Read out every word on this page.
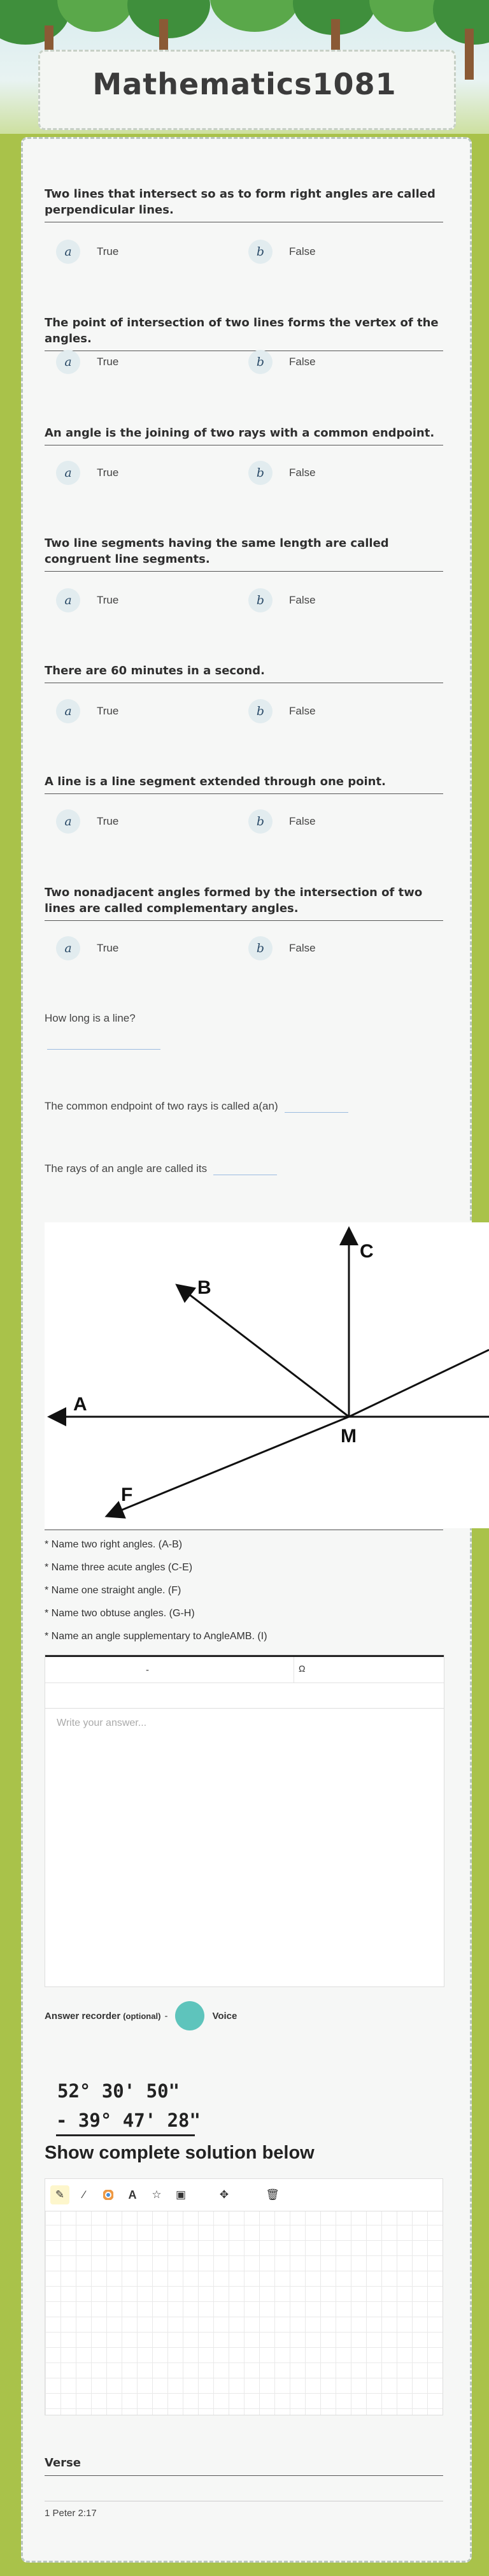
Mathematics1081
Two lines that intersect so as to form right angles are called perpendicular lines.
a	True	b	False
The point of intersection of two lines forms the vertex of the angles.
a	True	b	False
An angle is the joining of two rays with a common endpoint.
a	True	b	False
Two line segments having the same length are called congruent line segments.
a	True	b	False
There are 60 minutes in a second.
a	True	b	False
A line is a line segment extended through one point.
a	True	b	False
Two nonadjacent angles formed by the intersection of two lines are called complementary angles.
a	True	b	False
How long is a line?
The common endpoint of two rays is called a(an)
The rays of an angle are called its
A
B
C
F
M
* Name two right angles. (A-B)
* Name three acute angles (C-E)
* Name one straight angle. (F)
* Name two obtuse angles. (G-H)
* Name an angle supplementary to AngleAMB. (I)
-	Ω
Write your answer...
Answer recorder (optional) -	Voice
52° 30' 50"
- 39° 47' 28"
Show complete solution below
✎	⁄	A	☆	▣	✥	🗑
Verse
1 Peter 2:17
